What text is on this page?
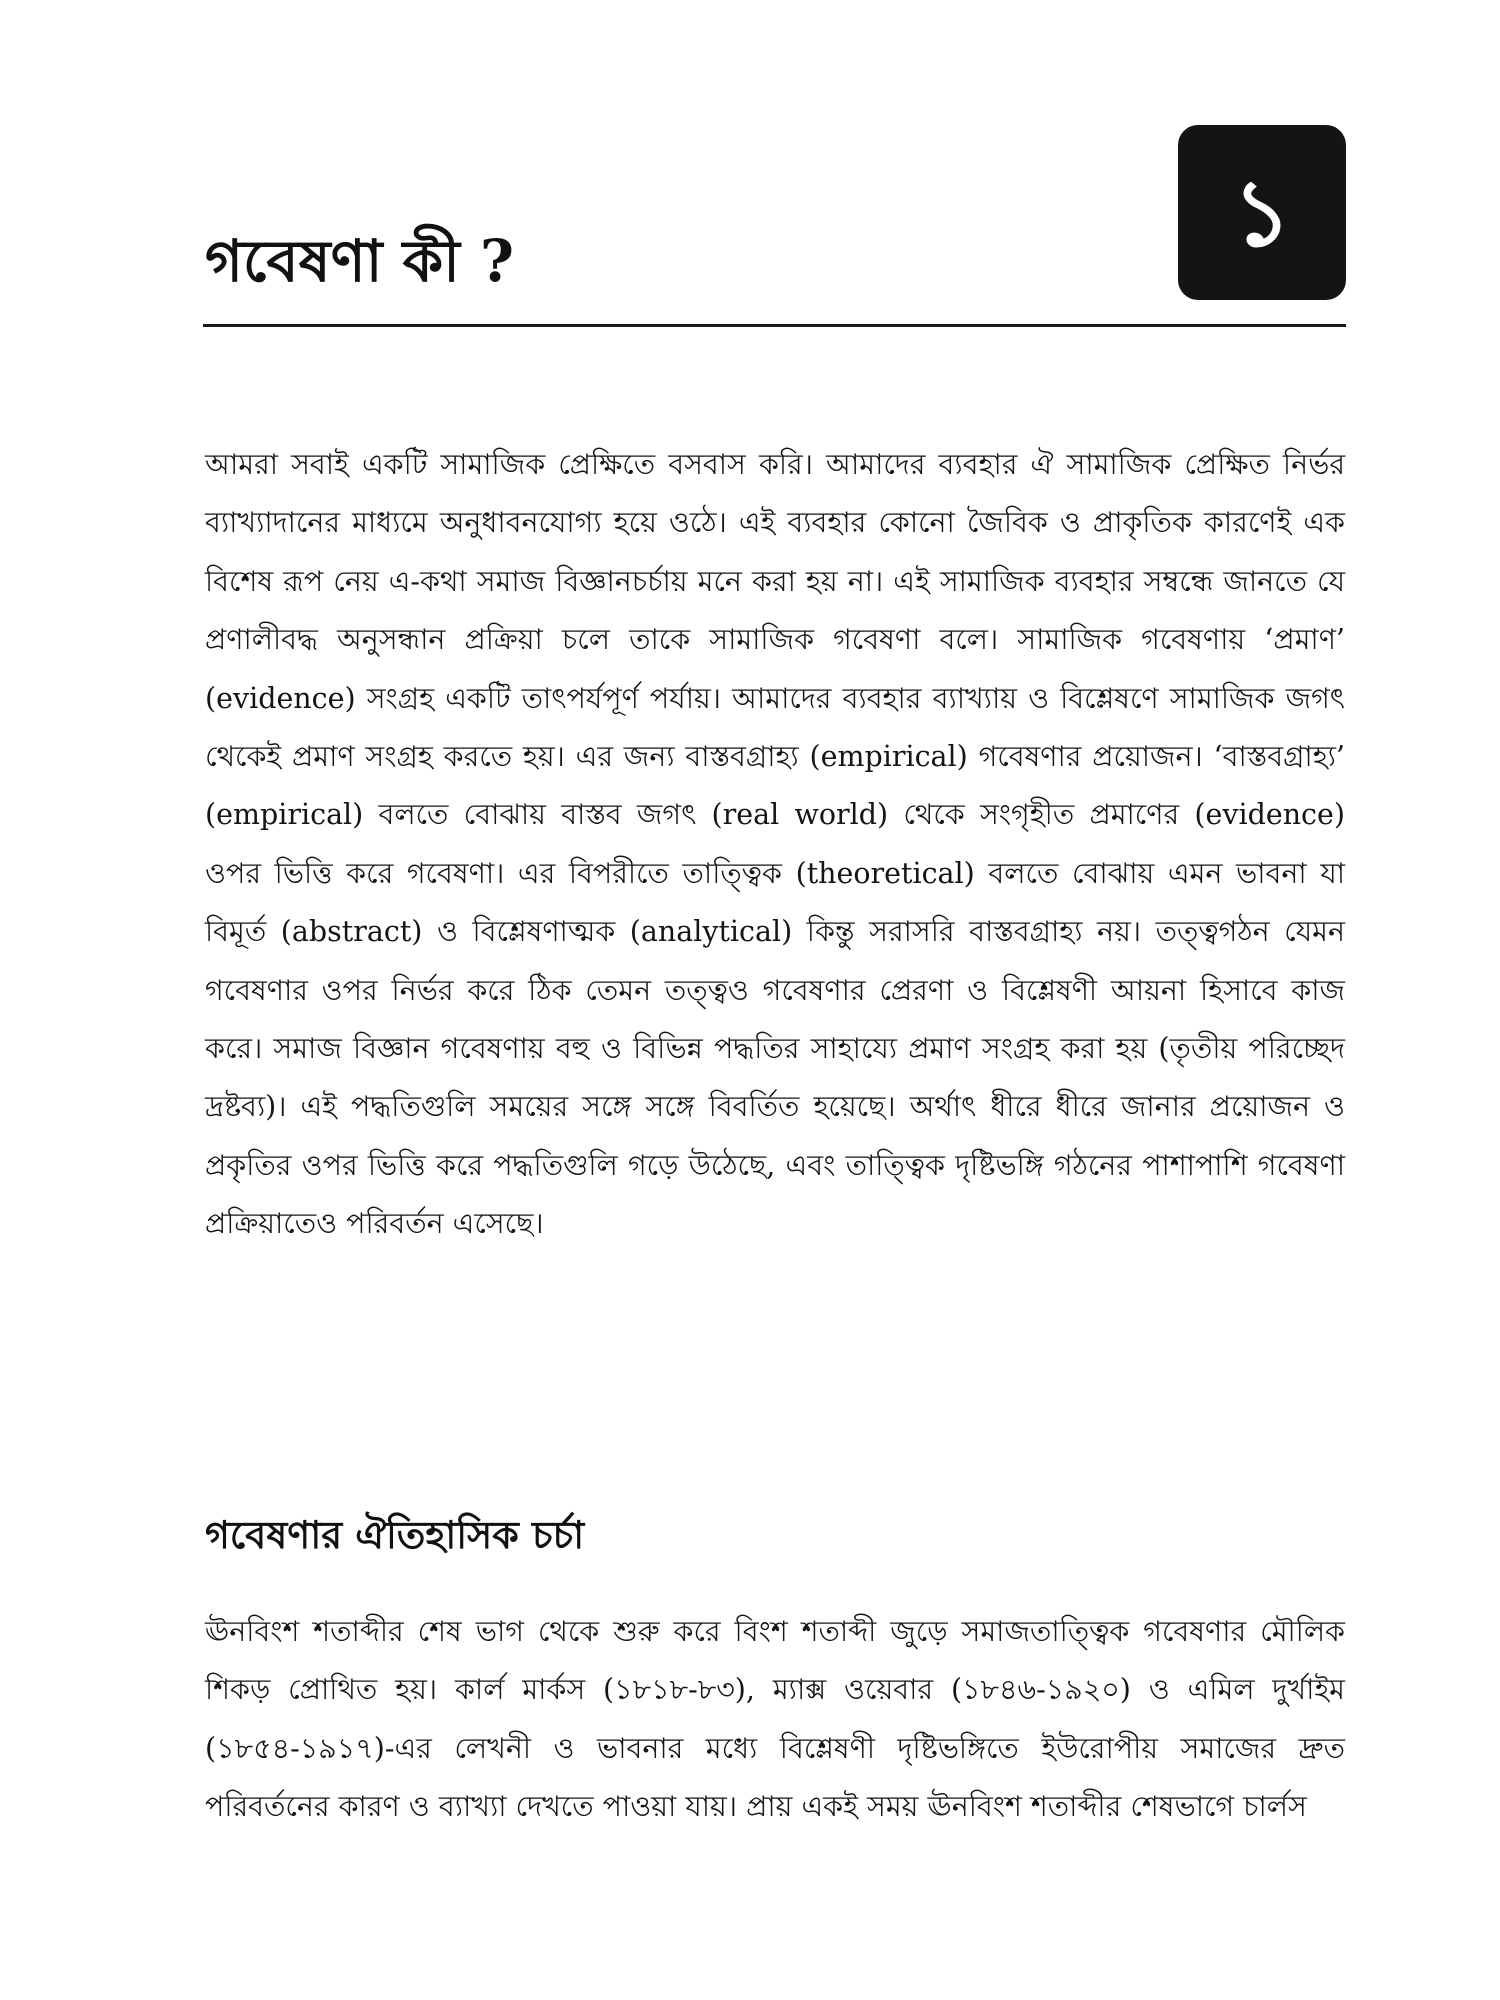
১
গবেষণা কী ?

আমরা সবাই একটি সামাজিক প্রেক্ষিতে বসবাস করি। আমাদের ব্যবহার ঐ সামাজিক প্রেক্ষিত নির্ভর ব্যাখ্যাদানের মাধ্যমে অনুধাবনযোগ্য হয়ে ওঠে। এই ব্যবহার কোনো জৈবিক ও প্রাকৃতিক কারণেই এক বিশেষ রূপ নেয় এ-কথা সমাজ বিজ্ঞানচর্চায় মনে করা হয় না। এই সামাজিক ব্যবহার সম্বন্ধে জানতে যে প্রণালীবদ্ধ অনুসন্ধান প্রক্রিয়া চলে তাকে সামাজিক গবেষণা বলে। সামাজিক গবেষণায় ‘প্রমাণ’ (evidence) সংগ্রহ একটি তাৎপর্যপূর্ণ পর্যায়। আমাদের ব্যবহার ব্যাখ্যায় ও বিশ্লেষণে সামাজিক জগৎ থেকেই প্রমাণ সংগ্রহ করতে হয়। এর জন্য বাস্তবগ্রাহ্য (empirical) গবেষণার প্রয়োজন। ‘বাস্তবগ্রাহ্য’ (empirical) বলতে বোঝায় বাস্তব জগৎ (real world) থেকে সংগৃহীত প্রমাণের (evidence) ওপর ভিত্তি করে গবেষণা। এর বিপরীতে তাত্ত্বিক (theoretical) বলতে বোঝায় এমন ভাবনা যা বিমূর্ত (abstract) ও বিশ্লেষণাত্মক (analytical) কিন্তু সরাসরি বাস্তবগ্রাহ্য নয়। তত্ত্বগঠন যেমন গবেষণার ওপর নির্ভর করে ঠিক তেমন তত্ত্বও গবেষণার প্রেরণা ও বিশ্লেষণী আয়না হিসাবে কাজ করে। সমাজ বিজ্ঞান গবেষণায় বহু ও বিভিন্ন পদ্ধতির সাহায্যে প্রমাণ সংগ্রহ করা হয় (তৃতীয় পরিচ্ছেদ দ্রষ্টব্য)। এই পদ্ধতিগুলি সময়ের সঙ্গে সঙ্গে বিবর্তিত হয়েছে। অর্থাৎ ধীরে ধীরে জানার প্রয়োজন ও প্রকৃতির ওপর ভিত্তি করে পদ্ধতিগুলি গড়ে উঠেছে, এবং তাত্ত্বিক দৃষ্টিভঙ্গি গঠনের পাশাপাশি গবেষণা প্রক্রিয়াতেও পরিবর্তন এসেছে।

গবেষণার ঐতিহাসিক চর্চা

ঊনবিংশ শতাব্দীর শেষ ভাগ থেকে শুরু করে বিংশ শতাব্দী জুড়ে সমাজতাত্ত্বিক গবেষণার মৌলিক শিকড় প্রোথিত হয়। কার্ল মার্কস (১৮১৮-৮৩), ম্যাক্স ওয়েবার (১৮৪৬-১৯২০) ও এমিল দুর্খাইম (১৮৫৪-১৯১৭)-এর লেখনী ও ভাবনার মধ্যে বিশ্লেষণী দৃষ্টিভঙ্গিতে ইউরোপীয় সমাজের দ্রুত পরিবর্তনের কারণ ও ব্যাখ্যা দেখতে পাওয়া যায়। প্রায় একই সময় ঊনবিংশ শতাব্দীর শেষভাগে চার্লস
